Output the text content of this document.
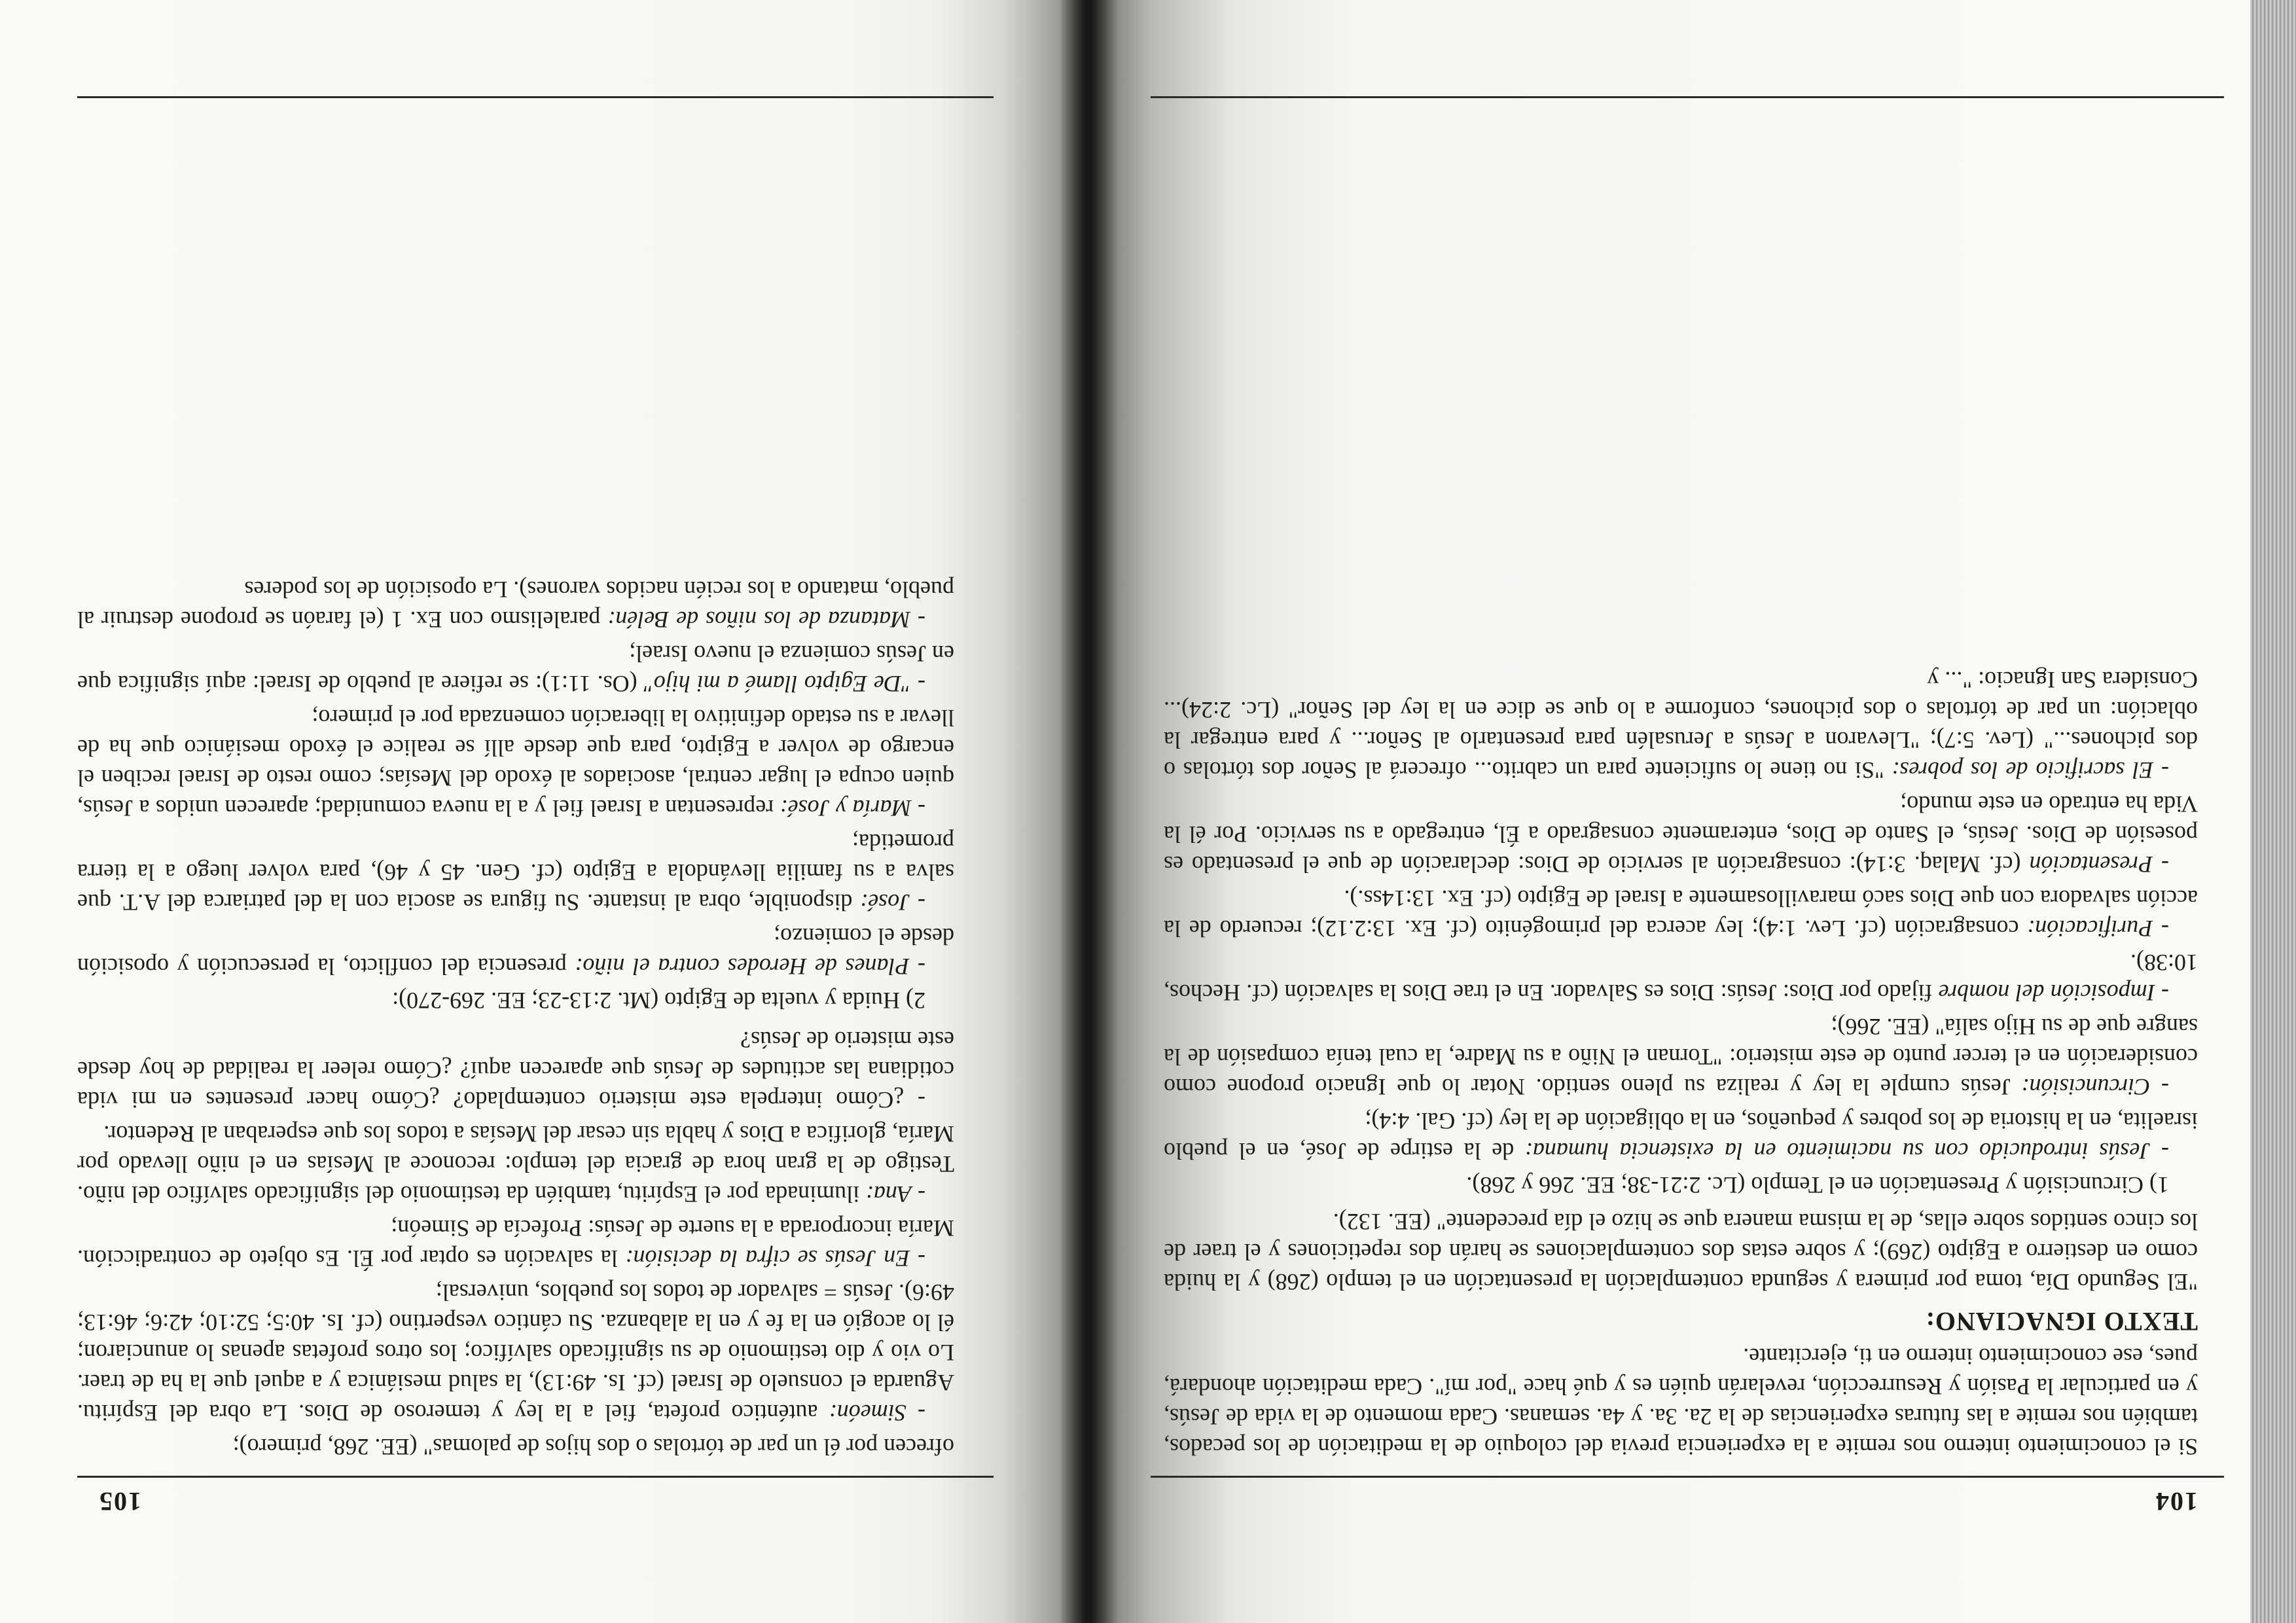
104

Si el conocimiento interno nos remite a la experiencia previa del coloquio de la meditación de los pecados, también nos remite a las futuras experiencias de la 2a. 3a. y 4a. semanas. Cada momento de la vida de Jesús, y en particular la Pasión y Resurrección, revelarán quién es y qué hace "por mí". Cada meditación ahondará, pues, ese conocimiento interno en ti, ejercitante.

TEXTO IGNACIANO:

"El Segundo Día, toma por primera y segunda contemplación la presentación en el templo (268) y la huida como en destierro a Egipto (269); y sobre estas dos contemplaciones se harán dos repeticiones y el traer de los cinco sentidos sobre ellas, de la misma manera que se hizo el día precedente" (EE. 132).

1) Circuncisión y Presentación en el Templo (Lc. 2:21-38; EE. 266 y 268).

- Jesús introducido con su nacimiento en la existencia humana: de la estirpe de José, en el pueblo israelita, en la historia de los pobres y pequeños, en la obligación de la ley (cf. Gal. 4:4);

- Circuncisión: Jesús cumple la ley y realiza su pleno sentido. Notar lo que Ignacio propone como consideración en el tercer punto de este misterio: "Tornan el Niño a su Madre, la cual tenía compasión de la sangre que de su Hijo salía" (EE. 266);

- Imposición del nombre fijado por Dios: Jesús: Dios es Salvador. En el trae Dios la salvación (cf. Hechos, 10:38).

- Purificación: consagración (cf. Lev. 1:4); ley acerca del primogénito (cf. Ex. 13:2.12); recuerdo de la acción salvadora con que Dios sacó maravillosamente a Israel de Egipto (cf. Ex. 13:14ss.).

- Presentación (cf. Malaq. 3:14): consagración al servicio de Dios: declaración de que el presentado es posesión de Dios. Jesús, el Santo de Dios, enteramente consagrado a Él, entregado a su servicio. Por él la Vida ha entrado en este mundo;

- El sacrificio de los pobres: "Si no tiene lo suficiente para un cabrito... ofrecerá al Señor dos tórtolas o dos pichones..." (Lev. 5:7); "Llevaron a Jesús a Jerusalén para presentarlo al Señor... y para entregar la oblación: un par de tórtolas o dos pichones, conforme a lo que se dice en la ley del Señor" (Lc. 2:24)... Considera San Ignacio: "... y

105

ofrecen por él un par de tórtolas o dos hijos de palomas" (EE. 268, primero);

- Simeón: auténtico profeta, fiel a la ley y temeroso de Dios. La obra del Espíritu. Aguarda el consuelo de Israel (cf. Is. 49:13), la salud mesiánica y a aquel que la ha de traer. Lo vio y dio testimonio de su significado salvífico; los otros profetas apenas lo anunciaron; él lo acogió en la fe y en la alabanza. Su cántico vespertino (cf. Is. 40:5; 52:10; 42:6; 46:13; 49:6). Jesús = salvador de todos los pueblos, universal;

- En Jesús se cifra la decisión: la salvación es optar por Él. Es objeto de contradicción. María incorporada a la suerte de Jesús: Profecía de Simeón;

- Ana: iluminada por el Espíritu, también da testimonio del significado salvífico del niño. Testigo de la gran hora de gracia del templo: reconoce al Mesías en el niño llevado por María, glorifica a Dios y habla sin cesar del Mesías a todos los que esperaban al Redentor.

- ¿Cómo interpela este misterio contemplado? ¿Cómo hacer presentes en mi vida cotidiana las actitudes de Jesús que aparecen aquí? ¿Cómo releer la realidad de hoy desde este misterio de Jesús?

2) Huida y vuelta de Egipto (Mt. 2:13-23; EE. 269-270):

- Planes de Herodes contra el niño: presencia del conflicto, la persecución y oposición desde el comienzo;

- José: disponible, obra al instante. Su figura se asocia con la del patriarca del A.T. que salva a su familia llevándola a Egipto (cf. Gen. 45 y 46), para volver luego a la tierra prometida;

- María y José: representan a Israel fiel y a la nueva comunidad; aparecen unidos a Jesús, quien ocupa el lugar central, asociados al éxodo del Mesías; como resto de Israel reciben el encargo de volver a Egipto, para que desde allí se realice el éxodo mesiánico que ha de llevar a su estado definitivo la liberación comenzada por el primero;

- "De Egipto llamé a mi hijo" (Os. 11:1): se refiere al pueblo de Israel: aquí significa que en Jesús comienza el nuevo Israel;

- Matanza de los niños de Belén: paralelismo con Ex. 1 (el faraón se propone destruir al pueblo, matando a los recién nacidos varones). La oposición de los poderes
